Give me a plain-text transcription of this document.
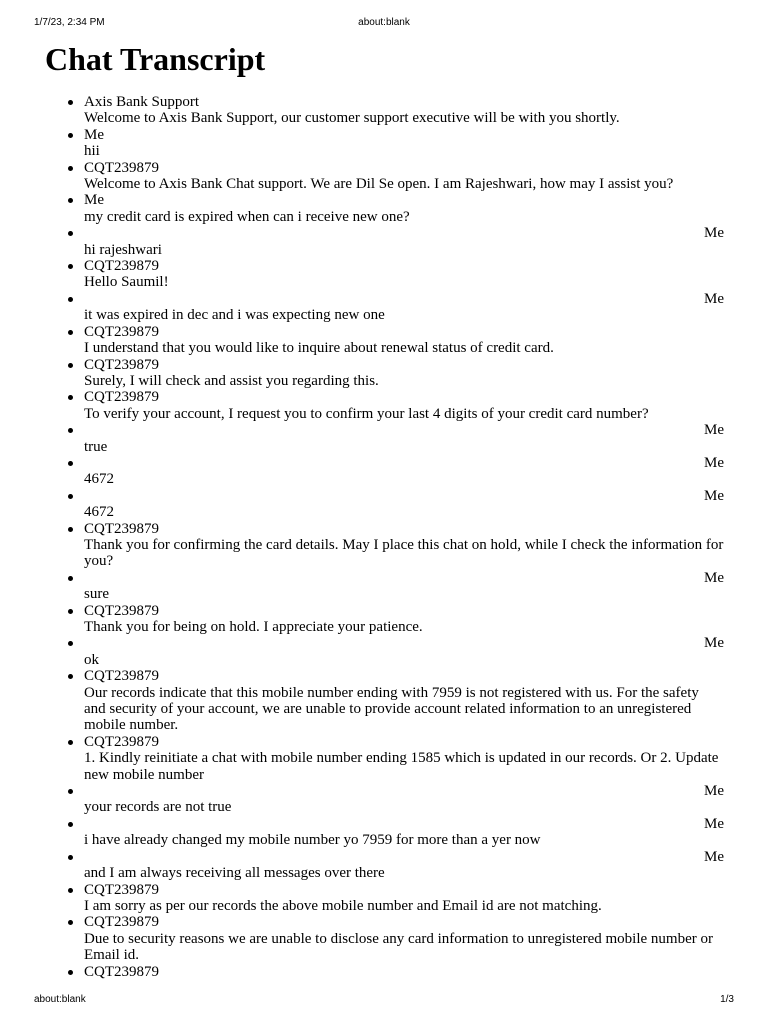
1/7/23, 2:34 PM	about:blank
Chat Transcript
Axis Bank Support
Welcome to Axis Bank Support, our customer support executive will be with you shortly.
Me
hii
CQT239879
Welcome to Axis Bank Chat support. We are Dil Se open. I am Rajeshwari, how may I assist you?
Me
my credit card is expired when can i receive new one?
Me
hi rajeshwari
CQT239879
Hello Saumil!
Me
it was expired in dec and i was expecting new one
CQT239879
I understand that you would like to inquire about renewal status of credit card.
CQT239879
Surely, I will check and assist you regarding this.
CQT239879
To verify your account, I request you to confirm your last 4 digits of your credit card number?
Me
true
Me
4672
Me
4672
CQT239879
Thank you for confirming the card details. May I place this chat on hold, while I check the information for you?
Me
sure
CQT239879
Thank you for being on hold. I appreciate your patience.
Me
ok
CQT239879
Our records indicate that this mobile number ending with 7959 is not registered with us. For the safety and security of your account, we are unable to provide account related information to an unregistered mobile number.
CQT239879
1. Kindly reinitiate a chat with mobile number ending 1585 which is updated in our records. Or 2. Update new mobile number
Me
your records are not true
Me
i have already changed my mobile number yo 7959 for more than a yer now
Me
and I am always receiving all messages over there
CQT239879
I am sorry as per our records the above mobile number and Email id are not matching.
CQT239879
Due to security reasons we are unable to disclose any card information to unregistered mobile number or Email id.
CQT239879
about:blank	1/3
